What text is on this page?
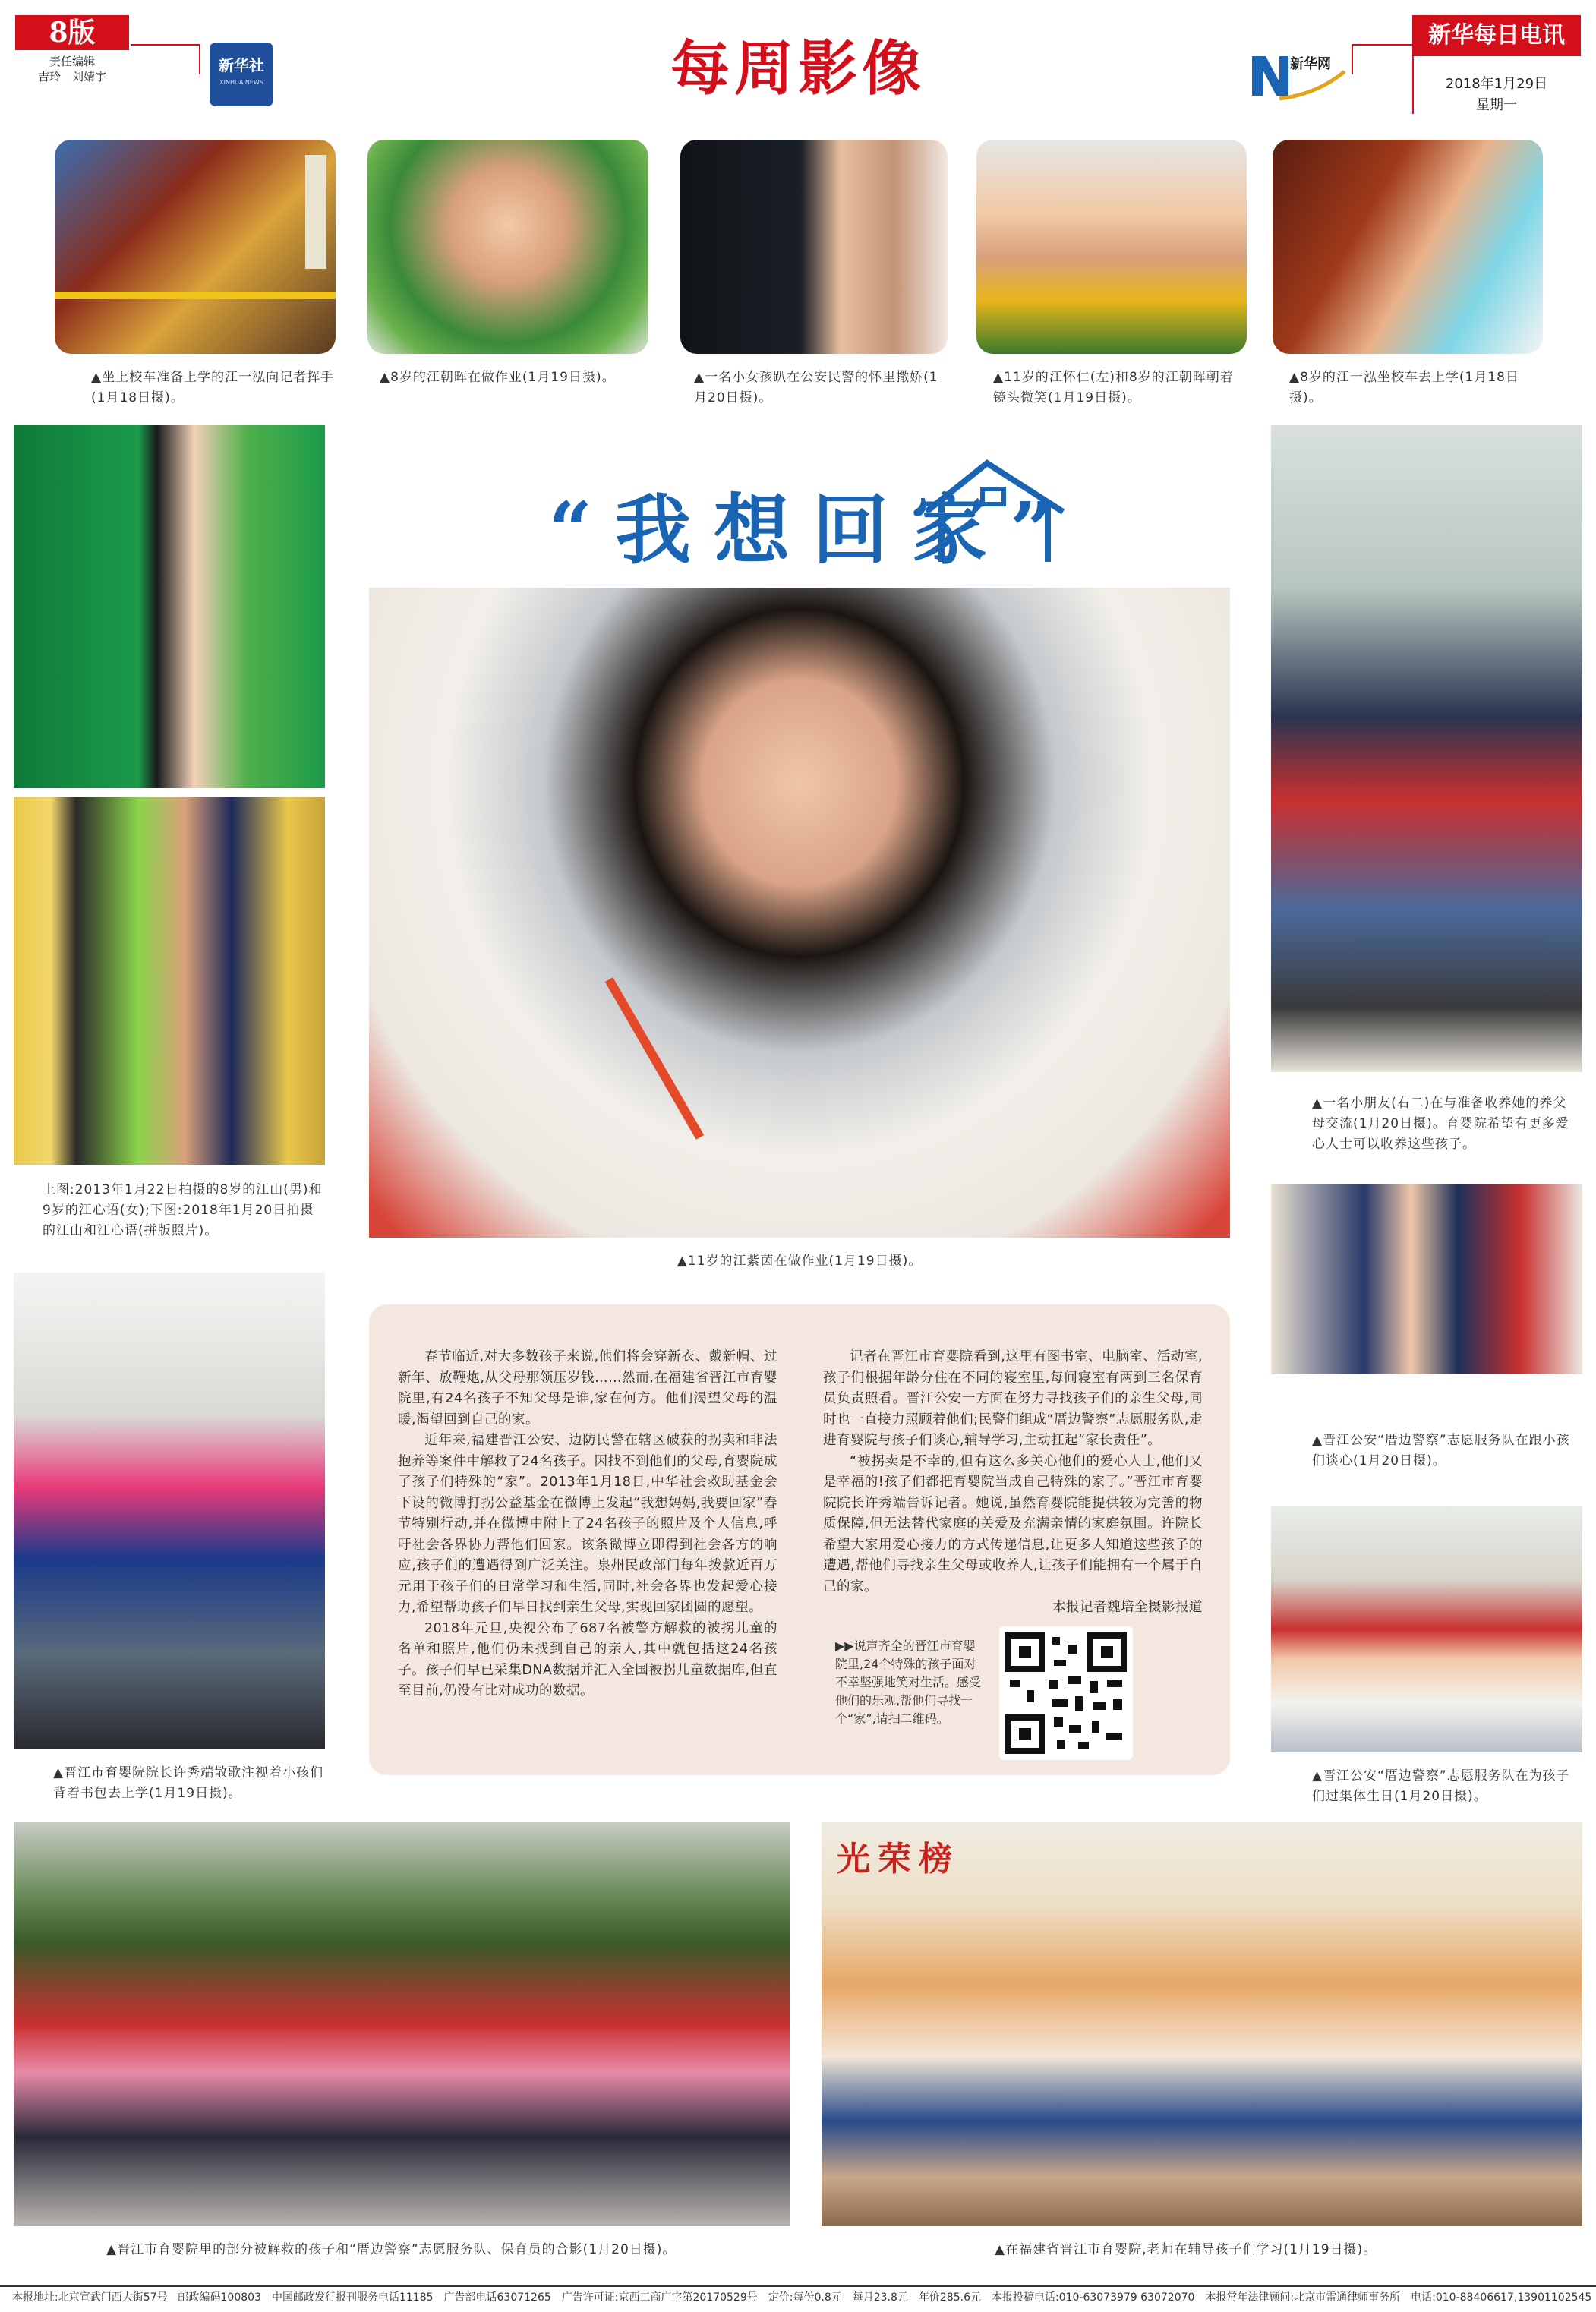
8版
责任编辑
吉玲　刘婧宇
新华社
XINHUA NEWS	每周影像	新华网
新华每日电讯
2018年1月29日
星期一
▲坐上校车准备上学的江一泓向记者挥手(1月18日摄)。
▲8岁的江朝晖在做作业(1月19日摄)。	▲一名小女孩趴在公安民警的怀里撒娇(1月20日摄)。
▲11岁的江怀仁(左)和8岁的江朝晖朝着镜头微笑(1月19日摄)。
▲8岁的江一泓坐校车去上学(1月18日摄)。
上图:2013年1月22日拍摄的8岁的江山(男)和9岁的江心语(女);下图:2018年1月20日拍摄的江山和江心语(拼版照片)。
▲晋江市育婴院院长许秀端散歌注视着小孩们背着书包去上学(1月19日摄)。
“我想回家”
▲11岁的江紫茵在做作业(1月19日摄)。
▲一名小朋友(右二)在与准备收养她的养父母交流(1月20日摄)。育婴院希望有更多爱心人士可以收养这些孩子。
▲晋江公安“厝边警察”志愿服务队在跟小孩们谈心(1月20日摄)。
▲晋江公安“厝边警察”志愿服务队在为孩子们过集体生日(1月20日摄)。

春节临近,对大多数孩子来说,他们将会穿新衣、戴新帽、过新年、放鞭炮,从父母那领压岁钱……然而,在福建省晋江市育婴院里,有24名孩子不知父母是谁,家在何方。他们渴望父母的温暖,渴望回到自己的家。

近年来,福建晋江公安、边防民警在辖区破获的拐卖和非法抱养等案件中解救了24名孩子。因找不到他们的父母,育婴院成了孩子们特殊的“家”。2013年1月18日,中华社会救助基金会下设的微博打拐公益基金在微博上发起“我想妈妈,我要回家”春节特别行动,并在微博中附上了24名孩子的照片及个人信息,呼吁社会各界协力帮他们回家。该条微博立即得到社会各方的响应,孩子们的遭遇得到广泛关注。泉州民政部门每年拨款近百万元用于孩子们的日常学习和生活,同时,社会各界也发起爱心接力,希望帮助孩子们早日找到亲生父母,实现回家团圆的愿望。

2018年元旦,央视公布了687名被警方解救的被拐儿童的名单和照片,他们仍未找到自己的亲人,其中就包括这24名孩子。孩子们早已采集DNA数据并汇入全国被拐儿童数据库,但直至目前,仍没有比对成功的数据。

记者在晋江市育婴院看到,这里有图书室、电脑室、活动室,孩子们根据年龄分住在不同的寝室里,每间寝室有两到三名保育员负责照看。晋江公安一方面在努力寻找孩子们的亲生父母,同时也一直接力照顾着他们;民警们组成“厝边警察”志愿服务队,走进育婴院与孩子们谈心,辅导学习,主动扛起“家长责任”。

“被拐卖是不幸的,但有这么多关心他们的爱心人士,他们又是幸福的!孩子们都把育婴院当成自己特殊的家了。”晋江市育婴院院长许秀端告诉记者。她说,虽然育婴院能提供较为完善的物质保障,但无法替代家庭的关爱及充满亲情的家庭氛围。许院长希望大家用爱心接力的方式传递信息,让更多人知道这些孩子的遭遇,帮他们寻找亲生父母或收养人,让孩子们能拥有一个属于自己的家。

本报记者魏培全摄影报道

▶▶说声齐全的晋江市育婴院里,24个特殊的孩子面对不幸坚强地笑对生活。感受他们的乐观,帮他们寻找一个“家”,请扫二维码。
▲晋江市育婴院里的部分被解救的孩子和“厝边警察”志愿服务队、保育员的合影(1月20日摄)。
光荣榜
▲在福建省晋江市育婴院,老师在辅导孩子们学习(1月19日摄)。
本报地址:北京宣武门西大街57号　邮政编码100803　中国邮政发行报刊服务电话11185　广告部电话63071265　广告许可证:京西工商广字第20170529号　定价:每份0.8元　每月23.8元　年价285.6元　本报投稿电话:010-63073979 63072070　本报常年法律顾问:北京市雷通律师事务所　电话:010-88406617,13901102545
